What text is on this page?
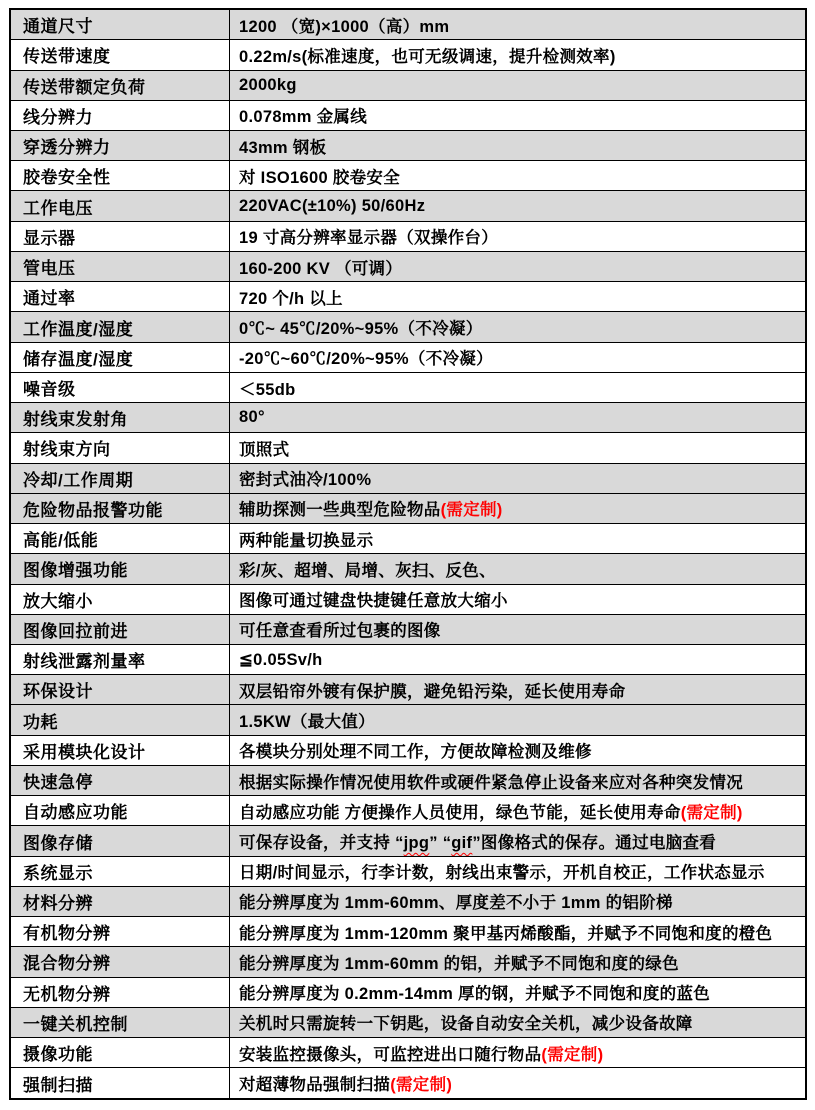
通道尺寸	1200 （宽)×1000（高）mm
传送带速度	0.22m/s(标准速度，也可无级调速，提升检测效率)
传送带额定负荷	2000kg
线分辨力	0.078mm 金属线
穿透分辨力	43mm 钢板
胶卷安全性	对 ISO1600 胶卷安全
工作电压	220VAC(±10%) 50/60Hz
显示器	19 寸高分辨率显示器（双操作台）
管电压	160-200 KV （可调）
通过率	720 个/h 以上
工作温度/湿度	0℃~ 45℃/20%~95%（不冷凝）
储存温度/湿度	-20℃~60℃/20%~95%（不冷凝）
噪音级	＜55db
射线束发射角	80°
射线束方向	顶照式
冷却/工作周期	密封式油冷/100%
危险物品报警功能	辅助探测一些典型危险物品(需定制)
高能/低能	两种能量切换显示
图像增强功能	彩/灰、超增、局增、灰扫、反色、
放大缩小	图像可通过键盘快捷键任意放大缩小
图像回拉前进	可任意查看所过包裹的图像
射线泄露剂量率	≦0.05Sv/h
环保设计	双层铅帘外镀有保护膜，避免铅污染，延长使用寿命
功耗	1.5KW（最大值）
采用模块化设计	各模块分别处理不同工作，方便故障检测及维修
快速急停	根据实际操作情况使用软件或硬件紧急停止设备来应对各种突发情况
自动感应功能	自动感应功能 方便操作人员使用，绿色节能，延长使用寿命(需定制)
图像存储	可保存设备，并支持 “jpg” “gif”图像格式的保存。通过电脑查看
系统显示	日期/时间显示，行李计数，射线出束警示，开机自校正，工作状态显示
材料分辨	能分辨厚度为 1mm-60mm、厚度差不小于 1mm 的铝阶梯
有机物分辨	能分辨厚度为 1mm-120mm 聚甲基丙烯酸酯，并赋予不同饱和度的橙色
混合物分辨	能分辨厚度为 1mm-60mm 的铝，并赋予不同饱和度的绿色
无机物分辨	能分辨厚度为 0.2mm-14mm 厚的钢，并赋予不同饱和度的蓝色
一键关机控制	关机时只需旋转一下钥匙，设备自动安全关机，减少设备故障
摄像功能	安装监控摄像头，可监控进出口随行物品(需定制)
强制扫描	对超薄物品强制扫描(需定制)
